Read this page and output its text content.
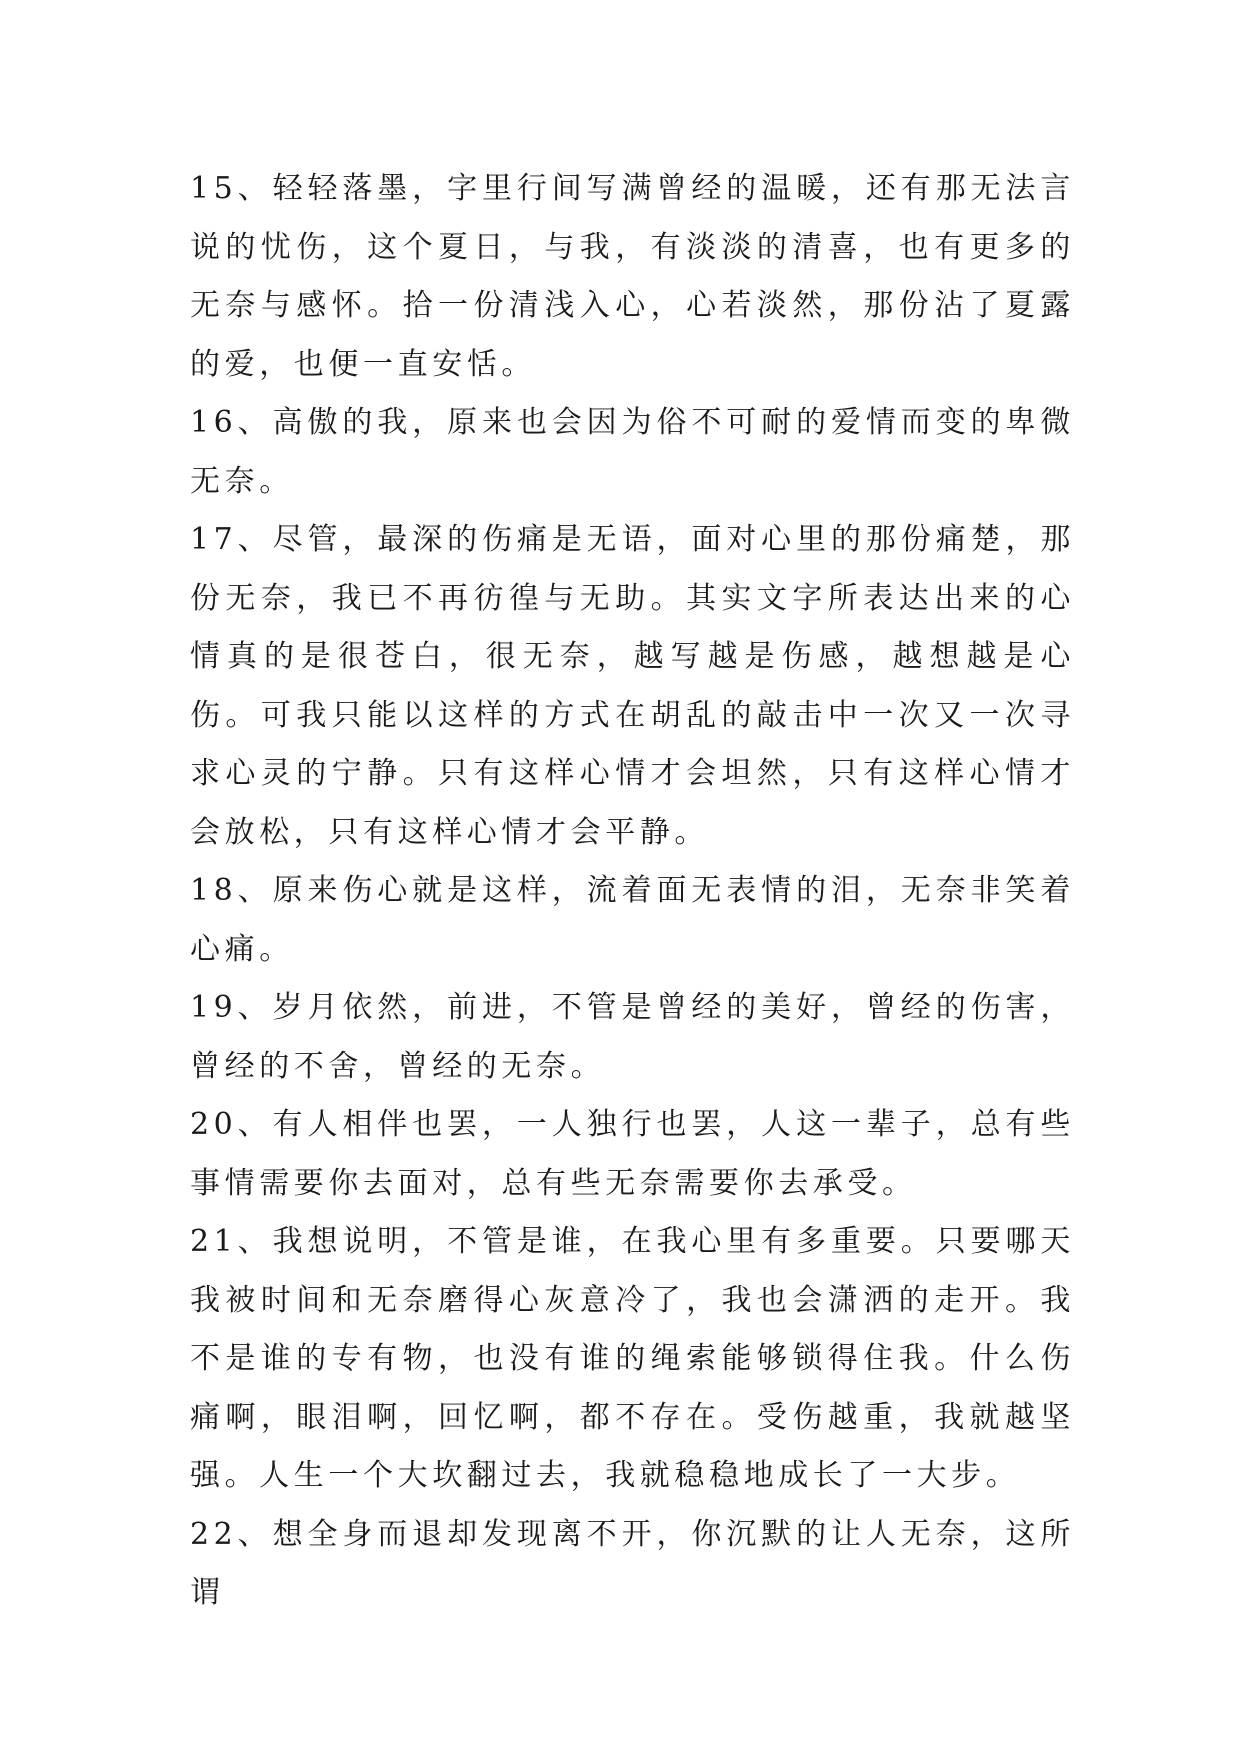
15、轻轻落墨，字里行间写满曾经的温暖，还有那无法言说的忧伤，这个夏日，与我，有淡淡的清喜，也有更多的无奈与感怀。拾一份清浅入心，心若淡然，那份沾了夏露的爱，也便一直安恬。

16、高傲的我，原来也会因为俗不可耐的爱情而变的卑微无奈。

17、尽管，最深的伤痛是无语，面对心里的那份痛楚，那份无奈，我已不再彷徨与无助。其实文字所表达出来的心情真的是很苍白，很无奈，越写越是伤感，越想越是心伤。可我只能以这样的方式在胡乱的敲击中一次又一次寻求心灵的宁静。只有这样心情才会坦然，只有这样心情才会放松，只有这样心情才会平静。

18、原来伤心就是这样，流着面无表情的泪，无奈非笑着心痛。

19、岁月依然，前进，不管是曾经的美好，曾经的伤害，曾经的不舍，曾经的无奈。

20、有人相伴也罢，一人独行也罢，人这一辈子，总有些事情需要你去面对，总有些无奈需要你去承受。

21、我想说明，不管是谁，在我心里有多重要。只要哪天我被时间和无奈磨得心灰意冷了，我也会潇洒的走开。我不是谁的专有物，也没有谁的绳索能够锁得住我。什么伤痛啊，眼泪啊，回忆啊，都不存在。受伤越重，我就越坚强。人生一个大坎翻过去，我就稳稳地成长了一大步。

22、想全身而退却发现离不开，你沉默的让人无奈，这所谓
